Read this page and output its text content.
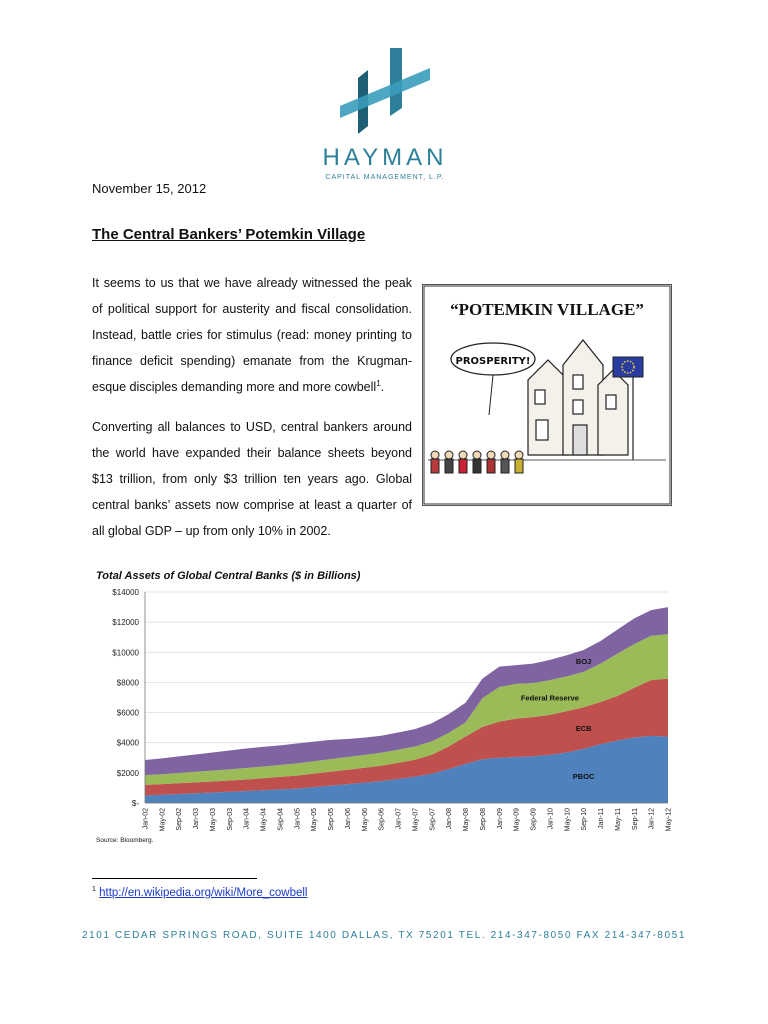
HAYMAN
CAPITAL MANAGEMENT, L.P.
November 15, 2012
The Central Bankers’ Potemkin Village

It seems to us that we have already witnessed the peak of political support for austerity and fiscal consolidation. Instead, battle cries for stimulus (read: money printing to finance deficit spending) emanate from the Krugman-esque disciples demanding more and more cowbell$^1$.

Converting all balances to USD, central bankers around the world have expanded their balance sheets beyond $13 trillion, from only $3 trillion ten years ago. Global central banks’ assets now comprise at least a quarter of all global GDP – up from only 10% in 2002.

“POTEMKIN VILLAGE”
PROSPERITY!
Total Assets of Global Central Banks ($ in Billions)
$-
$2000
$4000
$6000
$8000
$10000
$12000
$14000
Jan-02 May-02 Sep-02 Jan-03 May-03 Sep-03 Jan-04 May-04 Sep-04 Jan-05 May-05 Sep-05 Jan-06 May-06 Sep-06 Jan-07 May-07 Sep-07 Jan-08 May-08 Sep-08 Jan-09 May-09 Sep-09 Jan-10 May-10 Sep-10 Jan-11 May-11 Sep-11 Jan-12 May-12
PBOC
ECB
Federal Reserve
BOJ
Source: Bloomberg.
$^1$ http://en.wikipedia.org/wiki/More_cowbell
2101 CEDAR SPRINGS ROAD, SUITE 1400 DALLAS, TX 75201 TEL. 214-347-8050 FAX 214-347-8051
